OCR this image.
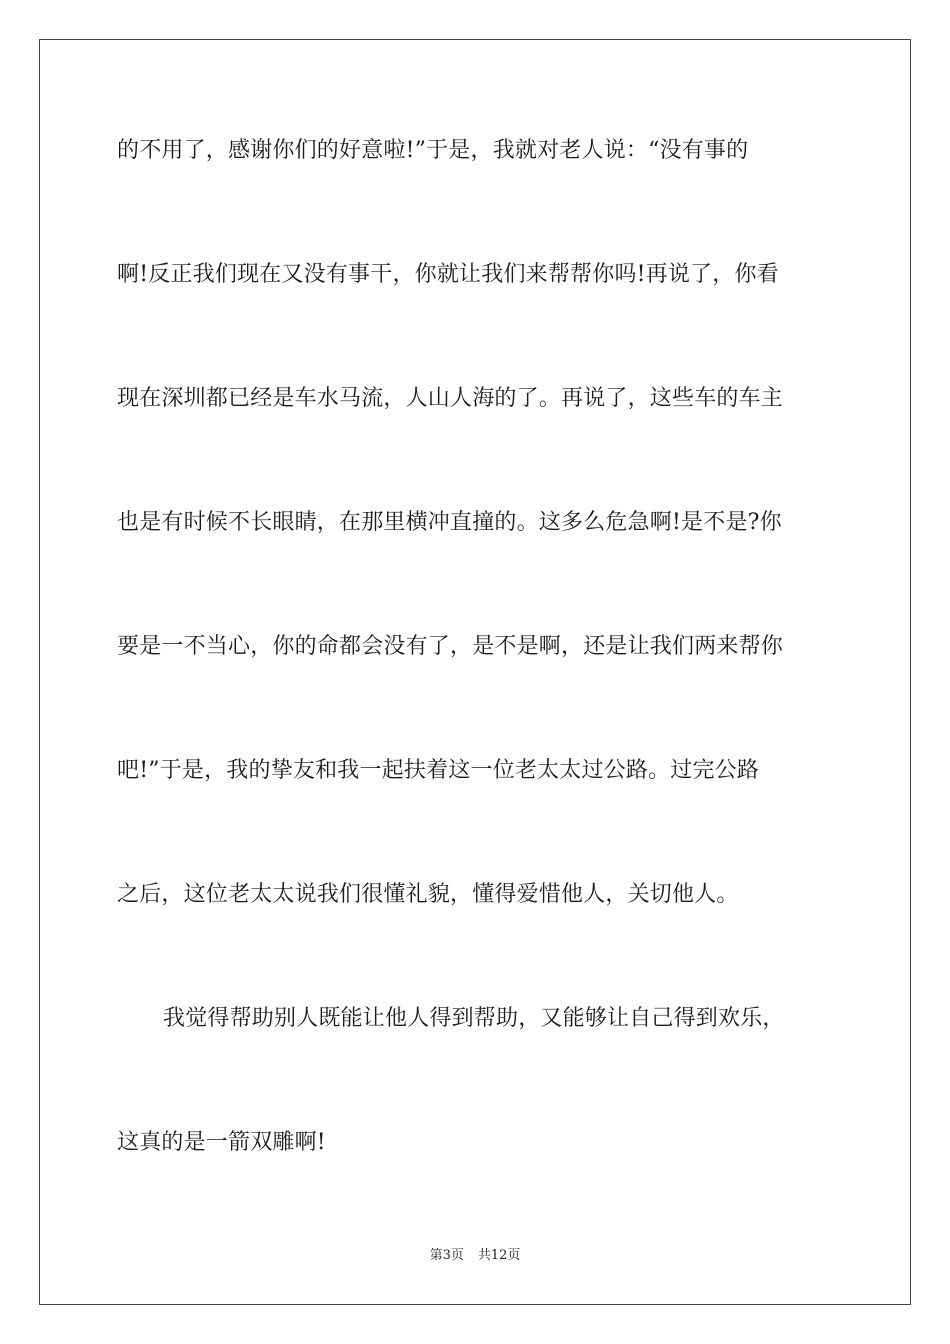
的不用了，感谢你们的好意啦!”于是，我就对老人说：“没有事的
啊!反正我们现在又没有事干，你就让我们来帮帮你吗!再说了，你看
现在深圳都已经是车水马流，人山人海的了。再说了，这些车的车主
也是有时候不长眼睛，在那里横冲直撞的。这多么危急啊!是不是?你
要是一不当心，你的命都会没有了，是不是啊，还是让我们两来帮你
吧!”于是，我的挚友和我一起扶着这一位老太太过公路。过完公路
之后，这位老太太说我们很懂礼貌，懂得爱惜他人，关切他人。
我觉得帮助别人既能让他人得到帮助，又能够让自己得到欢乐，
这真的是一箭双雕啊!
第3页 共12页
